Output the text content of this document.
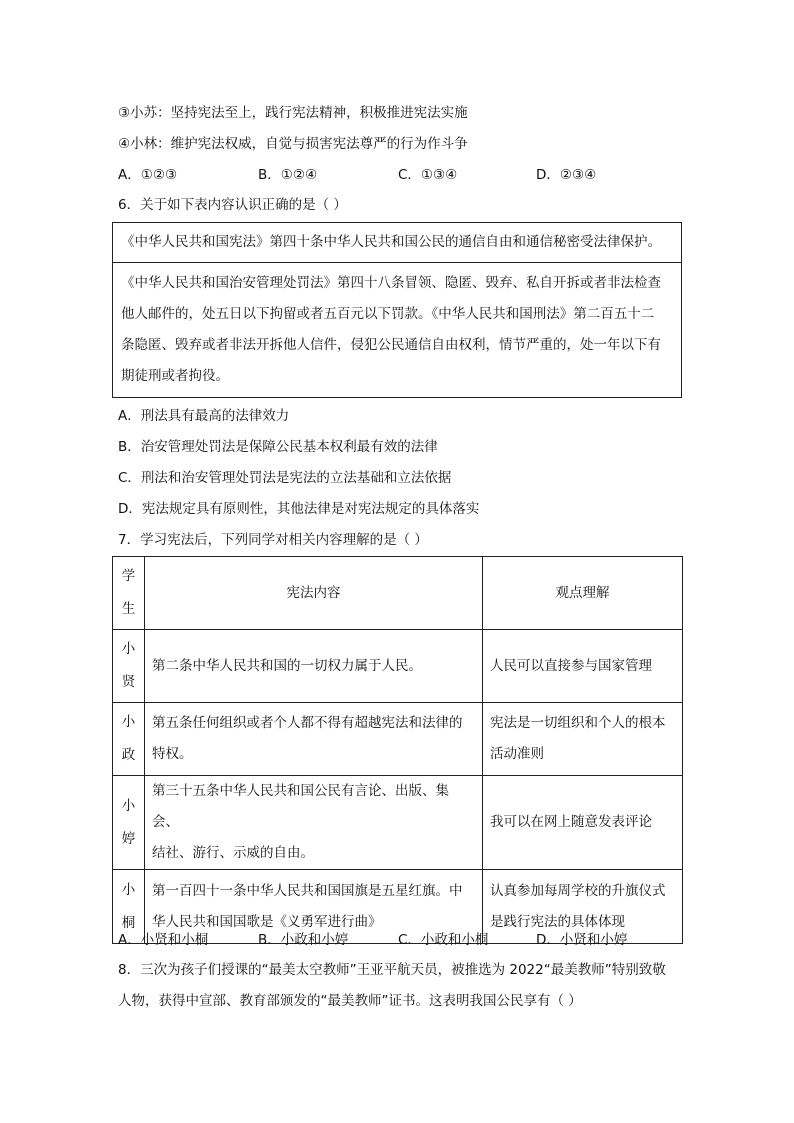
③小苏：坚持宪法至上，践行宪法精神，积极推进宪法实施
④小林：维护宪法权威，自觉与损害宪法尊严的行为作斗争
A．①②③	B．①②④	C．①③④	D．②③④
6．关于如下表内容认识正确的是（ ）

《中华人民共和国宪法》第四十条中华人民共和国公民的通信自由和通信秘密受法律保护。

《中华人民共和国治安管理处罚法》第四十八条冒领、隐匿、毁弃、私自开拆或者非法检查

他人邮件的，处五日以下拘留或者五百元以下罚款。《中华人民共和国刑法》第二百五十二

条隐匿、毁弃或者非法开拆他人信件，侵犯公民通信自由权利，情节严重的，处一年以下有

期徒刑或者拘役。

A．刑法具有最高的法律效力
B．治安管理处罚法是保障公民基本权利最有效的法律
C．刑法和治安管理处罚法是宪法的立法基础和立法依据
D．宪法规定具有原则性，其他法律是对宪法规定的具体落实
7．学习宪法后，下列同学对相关内容理解的是（ ）
学
生	宪法内容	观点理解

小
贤	第二条中华人民共和国的一切权力属于人民。	人民可以直接参与国家管理

小
政	第五条任何组织或者个人都不得有超越宪法和法律的
特权。	宪法是一切组织和个人的根本
活动准则

小
婷	第三十五条中华人民共和国公民有言论、出版、集会、
结社、游行、示威的自由。	我可以在网上随意发表评论

小
桐	第一百四十一条中华人民共和国国旗是五星红旗。中
华人民共和国国歌是《义勇军进行曲》	认真参加每周学校的升旗仪式
是践行宪法的具体体现
A．小贤和小桐	B．小政和小婷	C．小政和小桐	D．小贤和小婷
8．三次为孩子们授课的“最美太空教师”王亚平航天员，被推选为 2022“最美教师”特别致敬
人物，获得中宣部、教育部颁发的“最美教师”证书。这表明我国公民享有（ ）
